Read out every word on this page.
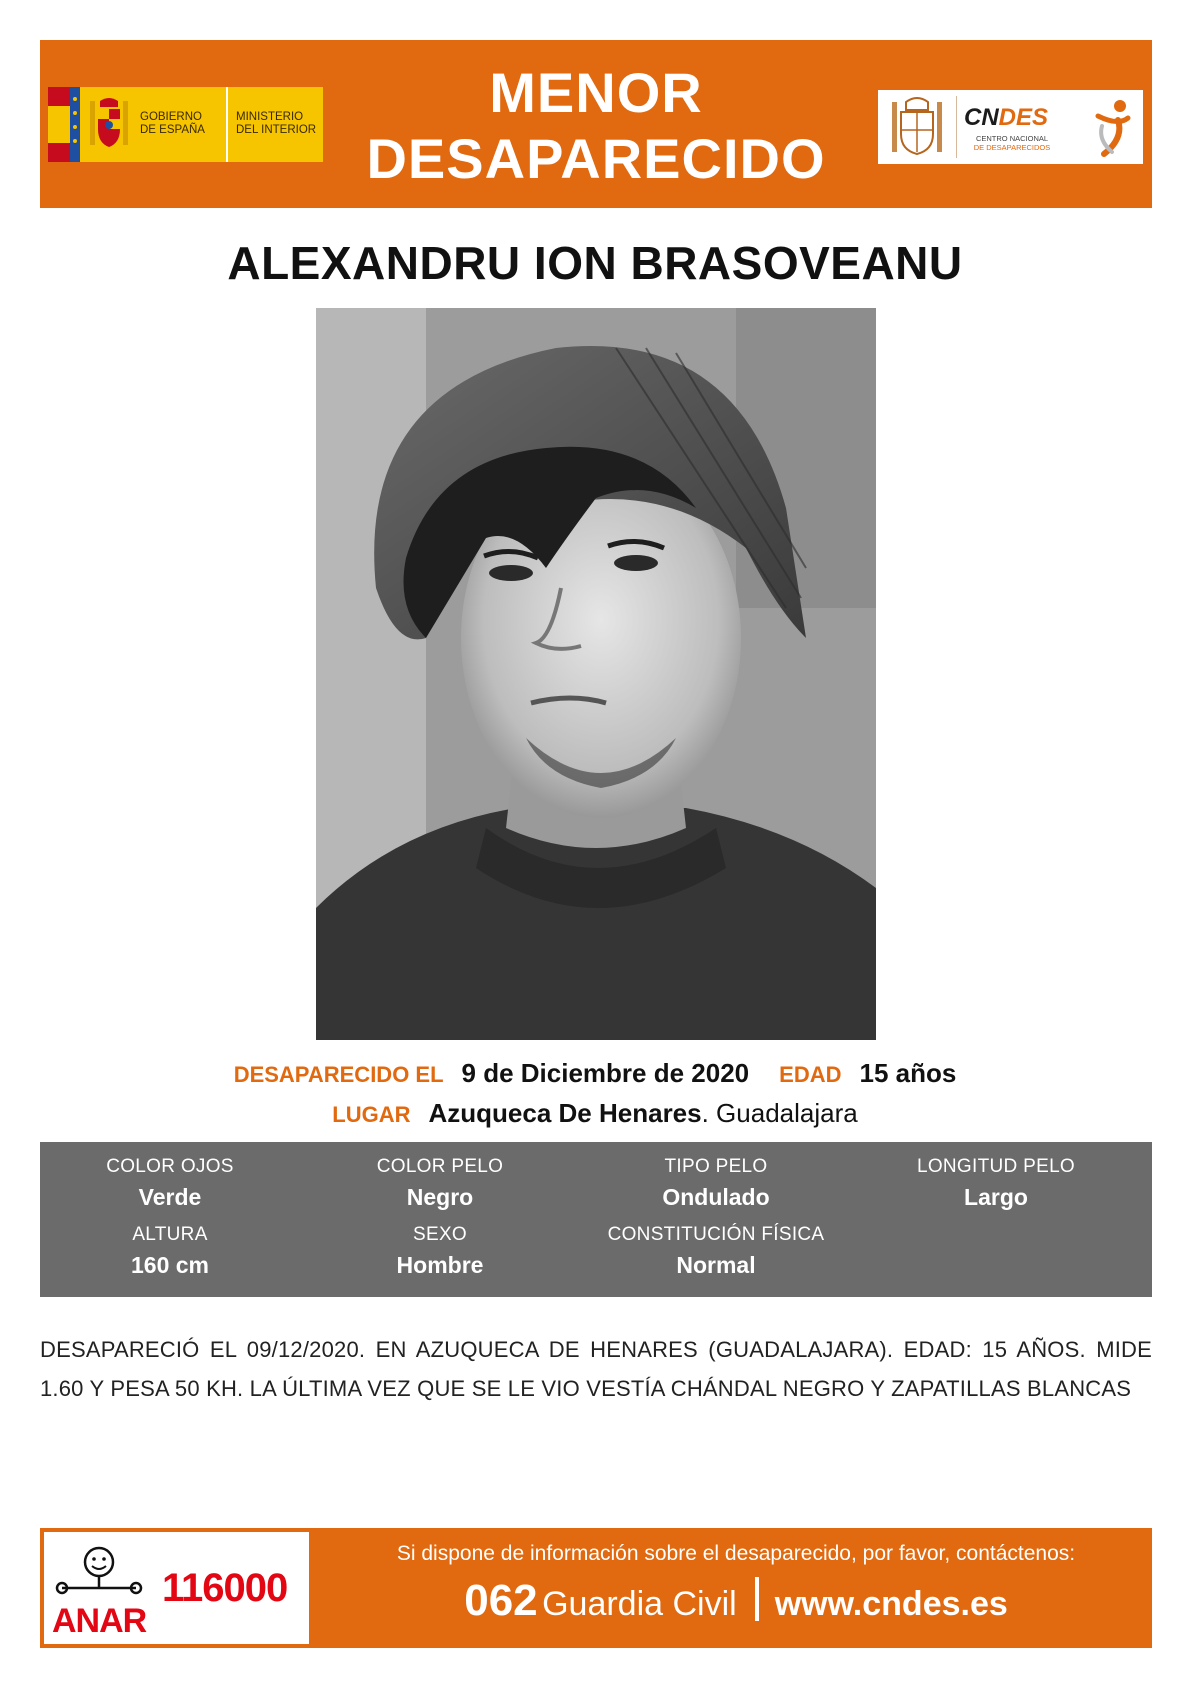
GOBIERNO
DE ESPAÑA
MINISTERIO
DEL INTERIOR
MENOR
DESAPARECIDO
CNDES
CENTRO NACIONAL
DE DESAPARECIDOS
ALEXANDRU ION BRASOVEANU
DESAPARECIDO EL 9 de Diciembre de 2020 EDAD 15 años
LUGAR Azuqueca De Henares. Guadalajara
COLOR OJOS
Verde
COLOR PELO
Negro
TIPO PELO
Ondulado
LONGITUD PELO
Largo
ALTURA
160 cm
SEXO
Hombre
CONSTITUCIÓN FÍSICA
Normal
DESAPARECIÓ EL 09/12/2020. EN AZUQUECA DE HENARES (GUADALAJARA). EDAD: 15 AÑOS. MIDE 1.60 Y PESA 50 KH. LA ÚLTIMA VEZ QUE SE LE VIO VESTÍA CHÁNDAL NEGRO Y ZAPATILLAS BLANCAS
ANAR
116000
Si dispone de información sobre el desaparecido, por favor, contáctenos:
062 Guardia Civil www.cndes.es
